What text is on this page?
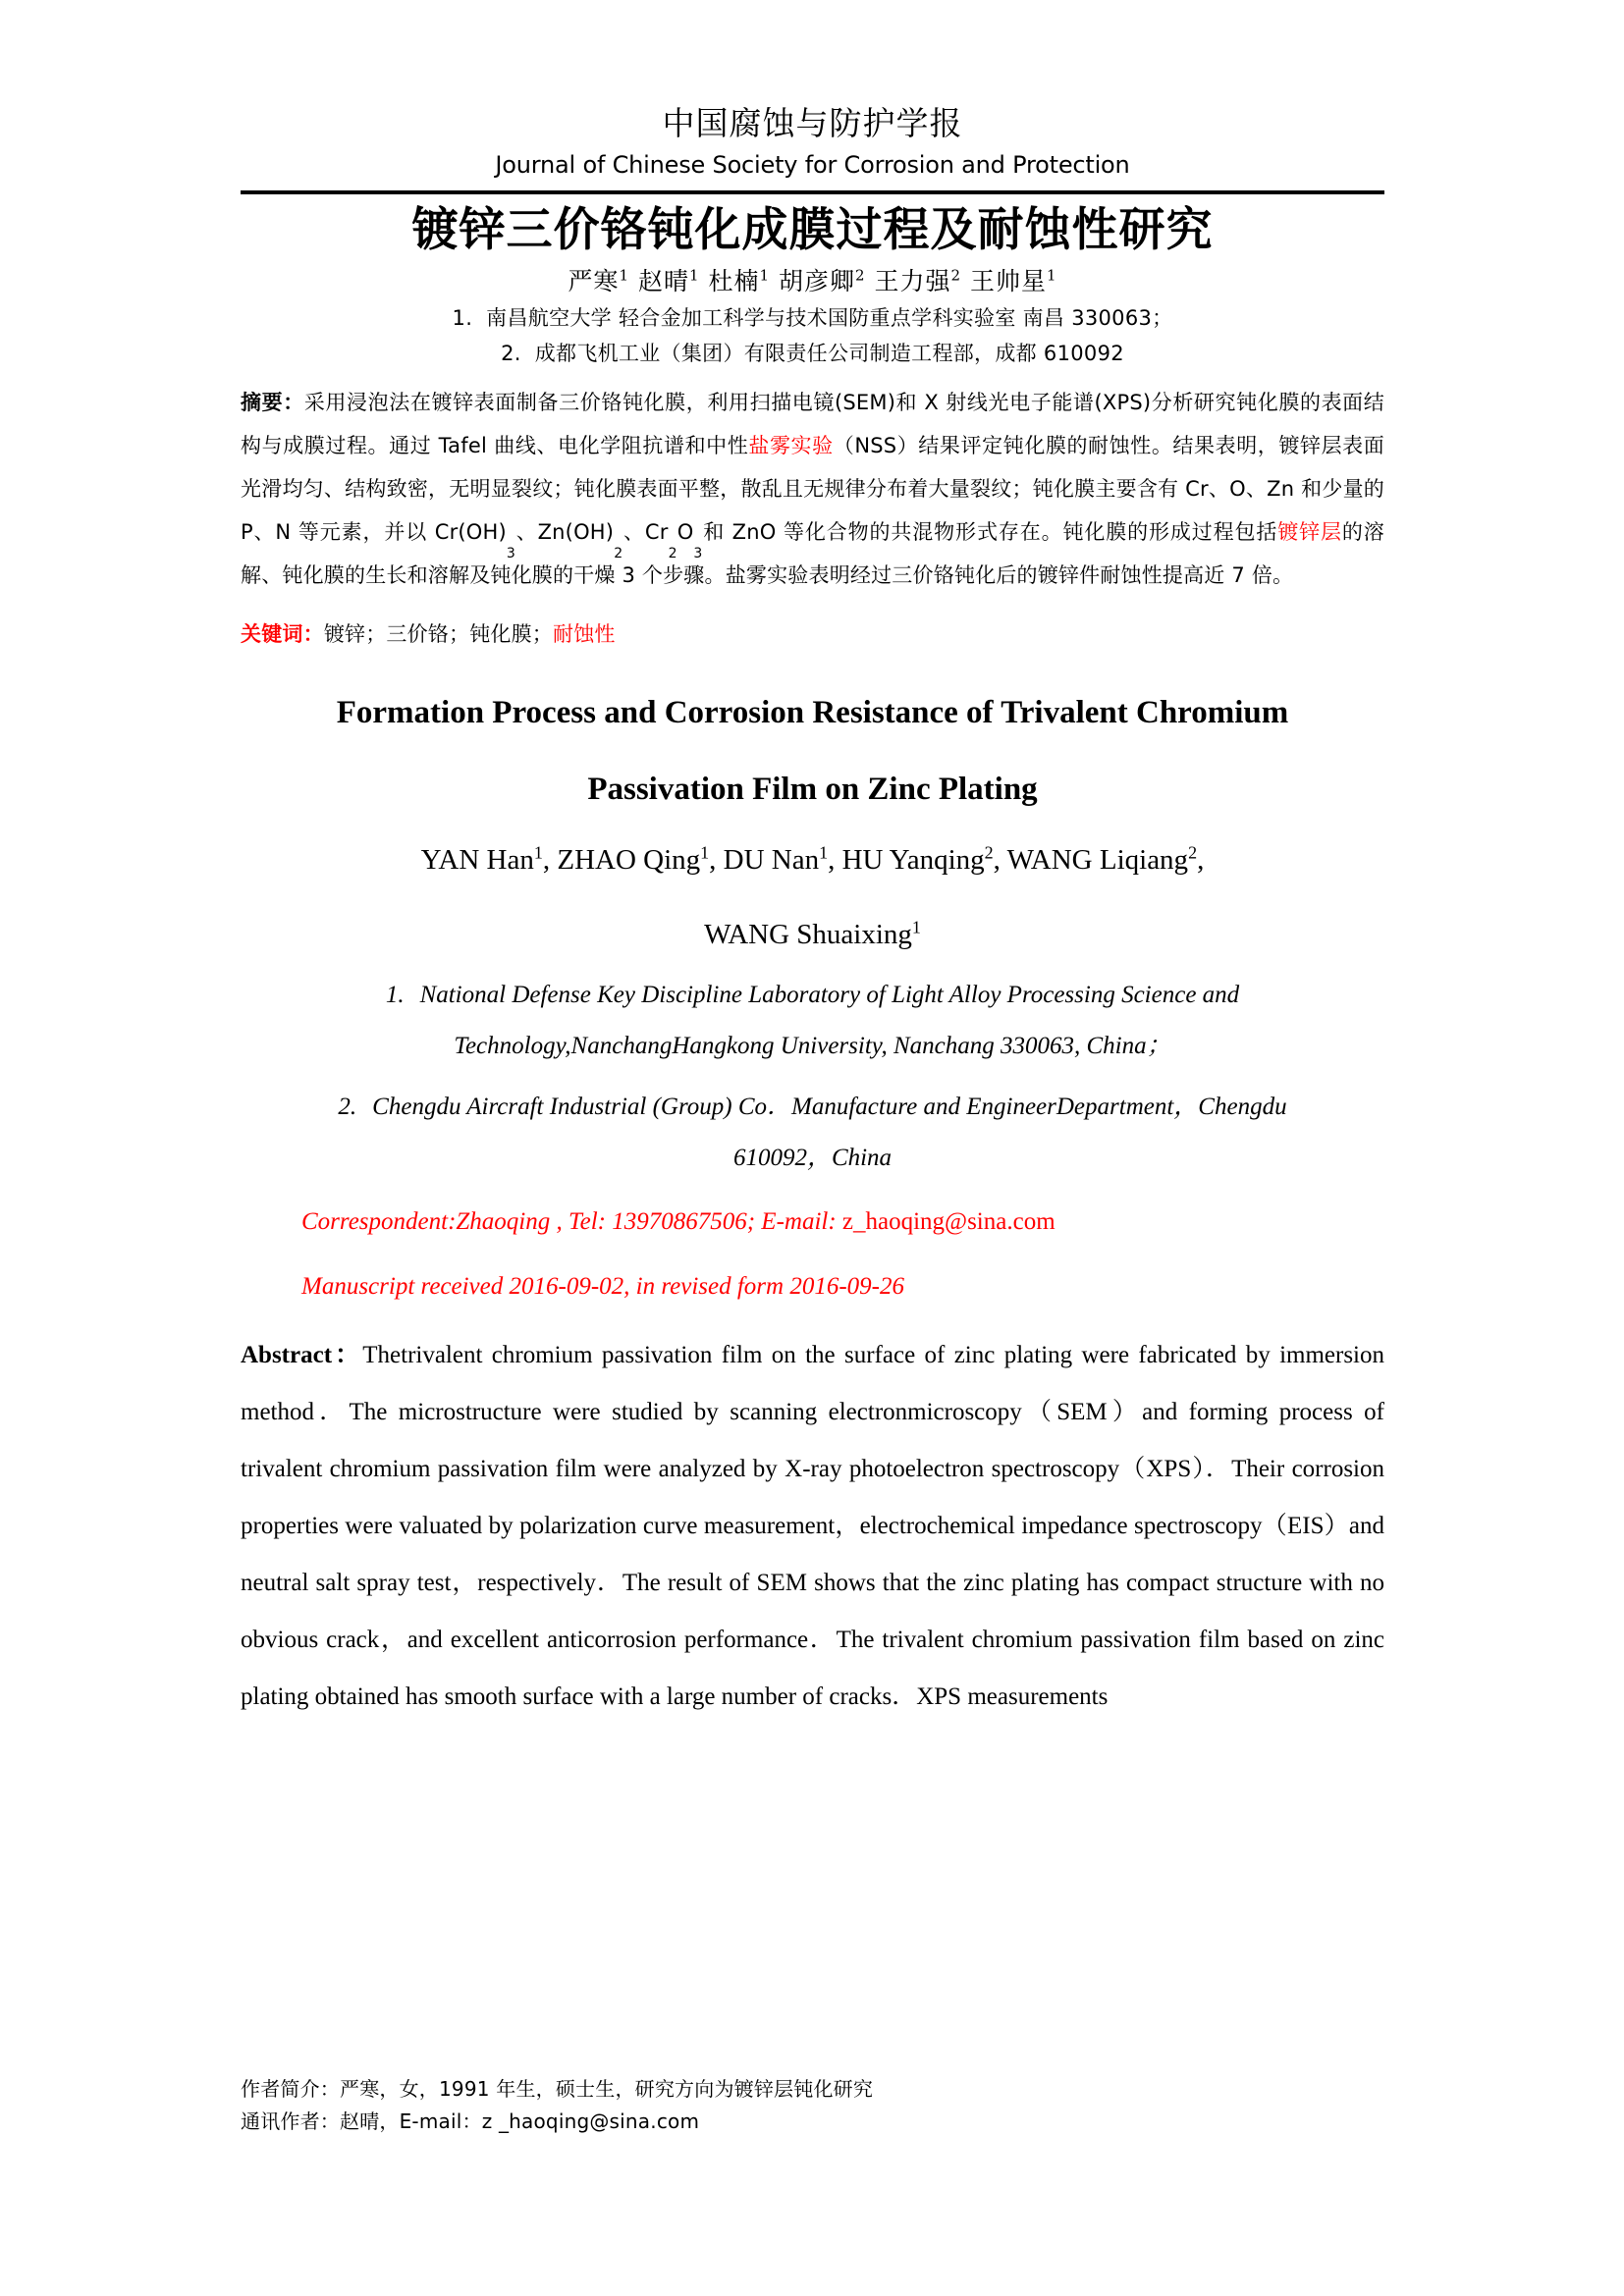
中国腐蚀与防护学报
Journal of Chinese Society for Corrosion and Protection
镀锌三价铬钝化成膜过程及耐蚀性研究
严寒$^1$ 赵晴$^1$ 杜楠$^1$ 胡彦卿$^2$ 王力强$^2$ 王帅星$^1$
1. 南昌航空大学 轻合金加工科学与技术国防重点学科实验室 南昌 330063；
2. 成都飞机工业（集团）有限责任公司制造工程部，成都 610092
摘要：采用浸泡法在镀锌表面制备三价铬钝化膜，利用扫描电镜(SEM)和 X 射线光电子能谱(XPS)分析研究钝化膜的表面结构与成膜过程。通过 Tafel 曲线、电化学阻抗谱和中性盐雾实验（NSS）结果评定钝化膜的耐蚀性。结果表明，镀锌层表面光滑均匀、结构致密，无明显裂纹；钝化膜表面平整，散乱且无规律分布着大量裂纹；钝化膜主要含有 Cr、O、Zn 和少量的 P、N 等元素，并以 Cr(OH)3、Zn(OH)2、Cr2O3和 ZnO 等化合物的共混物形式存在。钝化膜的形成过程包括镀锌层的溶解、钝化膜的生长和溶解及钝化膜的干燥 3 个步骤。盐雾实验表明经过三价铬钝化后的镀锌件耐蚀性提高近 7 倍。
关键词：镀锌；三价铬；钝化膜；耐蚀性
Formation Process and Corrosion Resistance of Trivalent Chromium
Passivation Film on Zinc Plating
YAN Han$^1$, ZHAO Qing$^1$, DU Nan$^1$, HU Yanqing$^2$, WANG Liqiang$^2$,
WANG Shuaixing$^1$
1. National Defense Key Discipline Laboratory of Light Alloy Processing Science and
Technology,NanchangHangkong University, Nanchang 330063, China；
2. Chengdu Aircraft Industrial (Group) Co．Manufacture and EngineerDepartment，Chengdu
610092，China
Correspondent:Zhaoqing , Tel: 13970867506; E-mail: z_haoqing@sina.com
Manuscript received 2016-09-02, in revised form 2016-09-26
Abstract：Thetrivalent chromium passivation film on the surface of zinc plating were fabricated by immersion method．The microstructure were studied by scanning electronmicroscopy（SEM）and forming process of trivalent chromium passivation film were analyzed by X-ray photoelectron spectroscopy（XPS）．Their corrosion properties were valuated by polarization curve measurement，electrochemical impedance spectroscopy（EIS）and neutral salt spray test，respectively．The result of SEM shows that the zinc plating has compact structure with no obvious crack，and excellent anticorrosion performance．The trivalent chromium passivation film based on zinc plating obtained has smooth surface with a large number of cracks．XPS measurements
作者简介：严寒，女，1991 年生，硕士生，研究方向为镀锌层钝化研究
通讯作者：赵晴，E-mail：z _haoqing@sina.com
